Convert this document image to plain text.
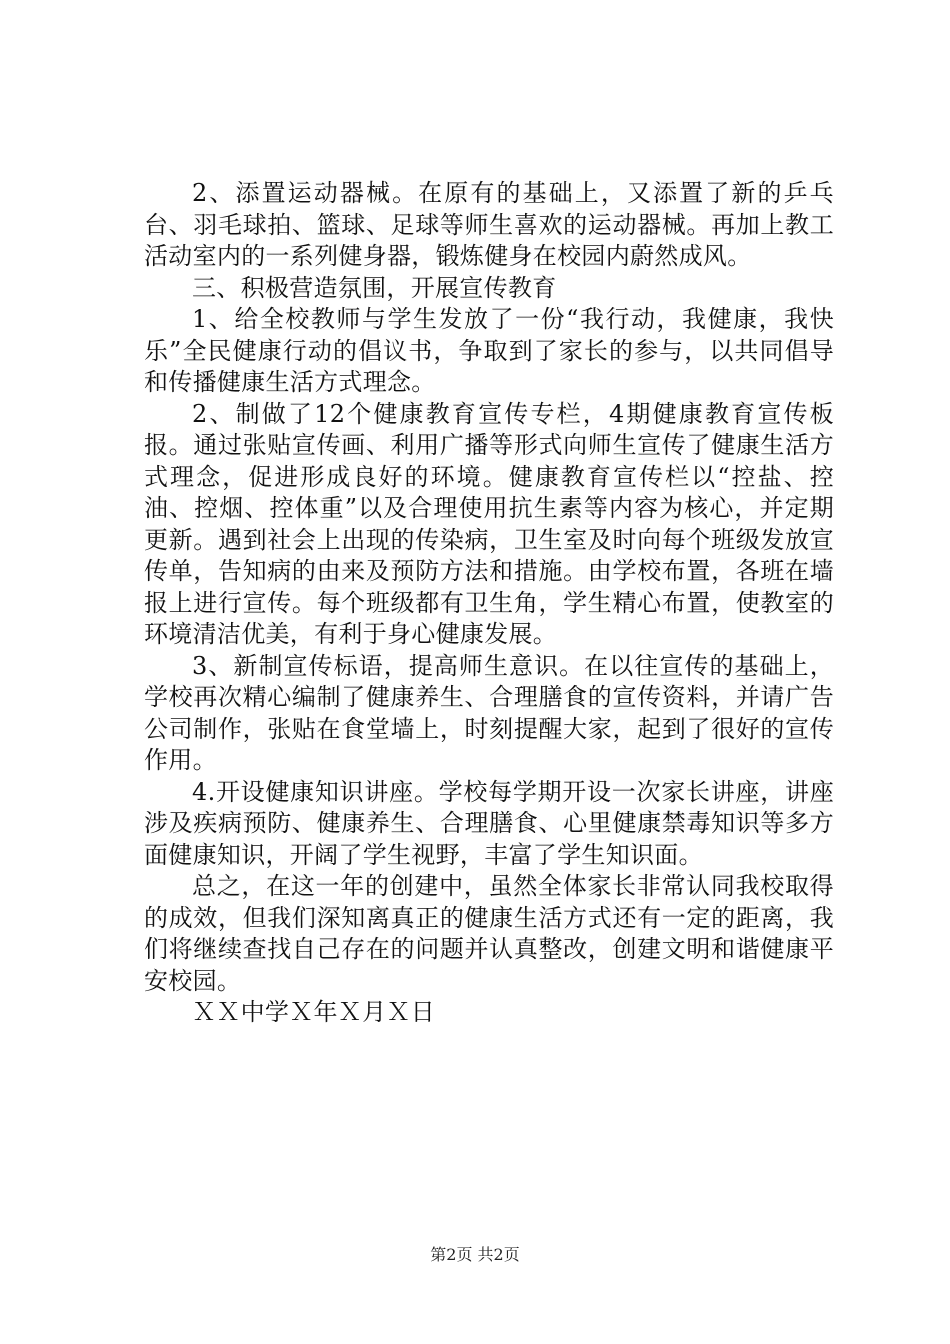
2、添置运动器械。在原有的基础上，又添置了新的乒乓台、羽毛球拍、篮球、足球等师生喜欢的运动器械。再加上教工活动室内的一系列健身器，锻炼健身在校园内蔚然成风。

三、积极营造氛围，开展宣传教育

1、给全校教师与学生发放了一份“我行动，我健康，我快乐”全民健康行动的倡议书，争取到了家长的参与，以共同倡导和传播健康生活方式理念。

2、制做了12个健康教育宣传专栏，4期健康教育宣传板报。通过张贴宣传画、利用广播等形式向师生宣传了健康生活方式理念，促进形成良好的环境。健康教育宣传栏以“控盐、控油、控烟、控体重”以及合理使用抗生素等内容为核心，并定期更新。遇到社会上出现的传染病，卫生室及时向每个班级发放宣传单，告知病的由来及预防方法和措施。由学校布置，各班在墙报上进行宣传。每个班级都有卫生角，学生精心布置，使教室的环境清洁优美，有利于身心健康发展。

3、新制宣传标语，提高师生意识。在以往宣传的基础上，学校再次精心编制了健康养生、合理膳食的宣传资料，并请广告公司制作，张贴在食堂墙上，时刻提醒大家，起到了很好的宣传作用。

4.开设健康知识讲座。学校每学期开设一次家长讲座，讲座涉及疾病预防、健康养生、合理膳食、心里健康禁毒知识等多方面健康知识，开阔了学生视野，丰富了学生知识面。

总之，在这一年的创建中，虽然全体家长非常认同我校取得的成效，但我们深知离真正的健康生活方式还有一定的距离，我们将继续查找自己存在的问题并认真整改，创建文明和谐健康平安校园。

ＸＸ中学Ｘ年Ｘ月Ｘ日

第2页 共2页
